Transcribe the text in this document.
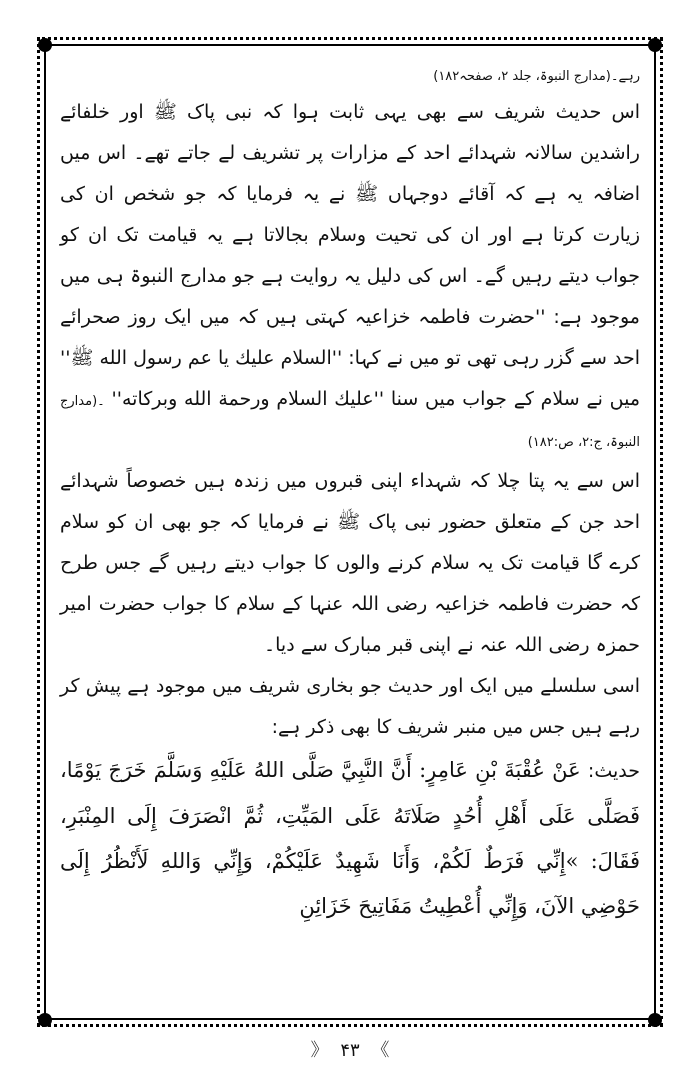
رہے۔(مدارج النبوۃ، جلد ۲، صفحہ۱۸۲)

اس حدیث شریف سے بھی یہی ثابت ہوا کہ نبی پاک ﷺ اور خلفائے راشدین سالانہ شہدائے احد کے مزارات پر تشریف لے جاتے تھے۔ اس میں اضافہ یہ ہے کہ آقائے دوجہاں ﷺ نے یہ فرمایا کہ جو شخص ان کی زیارت کرتا ہے اور ان کی تحیت وسلام بجالاتا ہے یہ قیامت تک ان کو جواب دیتے رہیں گے۔ اس کی دلیل یہ روایت ہے جو مدارج النبوۃ ہی میں موجود ہے: ''حضرت فاطمہ خزاعیہ کہتی ہیں کہ میں ایک روز صحرائے احد سے گزر رہی تھی تو میں نے کہا: ''السلام علیك یا عم رسول الله ﷺ'' میں نے سلام کے جواب میں سنا ''علیك السلام ورحمة الله وبركاته'' ۔(مدارج النبوۃ، ج:۲، ص:۱۸۲)

اس سے یہ پتا چلا کہ شہداء اپنی قبروں میں زندہ ہیں خصوصاً شہدائے احد جن کے متعلق حضور نبی پاک ﷺ نے فرمایا کہ جو بھی ان کو سلام کرے گا قیامت تک یہ سلام کرنے والوں کا جواب دیتے رہیں گے جس طرح کہ حضرت فاطمہ خزاعیہ رضی اللہ عنہا کے سلام کا جواب حضرت امیر حمزہ رضی اللہ عنہ نے اپنی قبر مبارک سے دیا۔

اسی سلسلے میں ایک اور حدیث جو بخاری شریف میں موجود ہے پیش کر رہے ہیں جس میں منبر شریف کا بھی ذکر ہے:

حدیث: عَنْ عُقْبَةَ بْنِ عَامِرٍ: أَنَّ النَّبِيَّ صَلَّى اللهُ عَلَيْهِ وَسَلَّمَ خَرَجَ يَوْمًا، فَصَلَّى عَلَى أَهْلِ أُحُدٍ صَلَاتَهُ عَلَى المَيِّتِ، ثُمَّ انْصَرَفَ إِلَى المِنْبَرِ، فَقَالَ: »إِنِّي فَرَطٌ لَكُمْ، وَأَنَا شَهِيدٌ عَلَيْكُمْ، وَإِنِّي وَاللهِ لَأَنْظُرُ إِلَى حَوْضِي الآنَ، وَإِنِّي أُعْطِيتُ مَفَاتِيحَ خَزَائِنِ

》 ۴۳ 《
